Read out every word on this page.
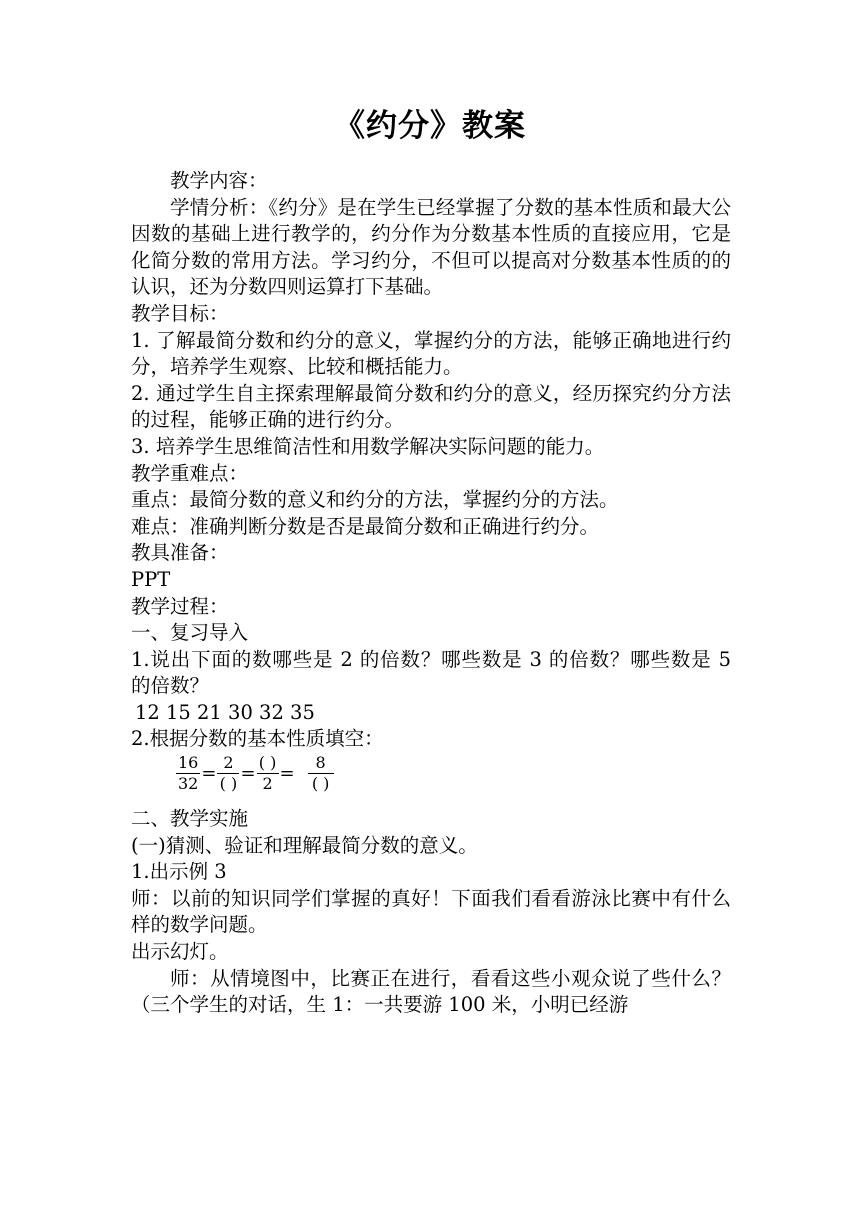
《约分》教案

教学内容：

学情分析：《约分》是在学生已经掌握了分数的基本性质和最大公因数的基础上进行教学的，约分作为分数基本性质的直接应用，它是化简分数的常用方法。学习约分，不但可以提高对分数基本性质的的认识，还为分数四则运算打下基础。

教学目标：

1. 了解最简分数和约分的意义，掌握约分的方法，能够正确地进行约分，培养学生观察、比较和概括能力。

2. 通过学生自主探索理解最简分数和约分的意义，经历探究约分方法的过程，能够正确的进行约分。

3. 培养学生思维简洁性和用数学解决实际问题的能力。

教学重难点：

重点：最简分数的意义和约分的方法，掌握约分的方法。

难点：准确判断分数是否是最简分数和正确进行约分。

教具准备：

PPT

教学过程：

一、复习导入

1.说出下面的数哪些是 2 的倍数？哪些数是 3 的倍数？哪些数是 5 的倍数？

12 15 21 30 32 35

2.根据分数的基本性质填空：

$\frac{16}{32} = \frac{2}{( )} = \frac{( )}{2} = \frac{8}{( )}$

二、教学实施

(一)猜测、验证和理解最简分数的意义。

1.出示例 3

师：以前的知识同学们掌握的真好！下面我们看看游泳比赛中有什么样的数学问题。

出示幻灯。

师：从情境图中，比赛正在进行，看看这些小观众说了些什么？（三个学生的对话，生 1：一共要游 100 米，小明已经游
